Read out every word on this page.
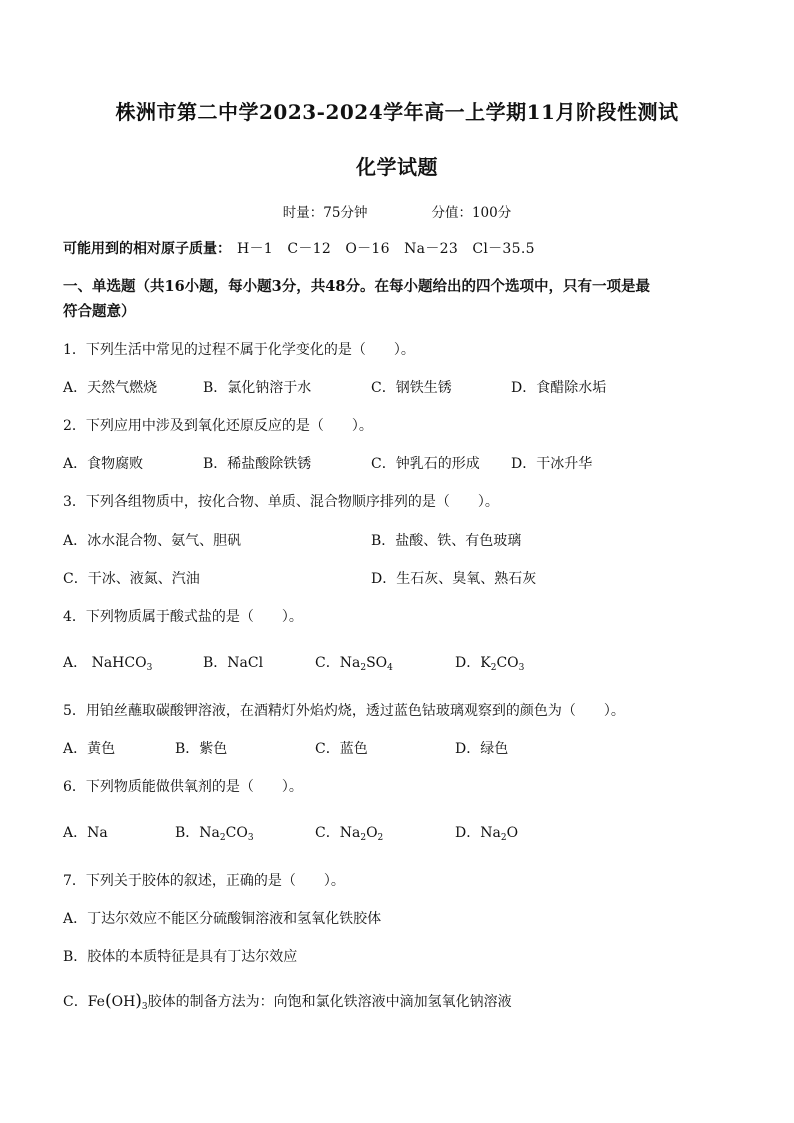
株洲市第二中学2023-2024学年高一上学期11月阶段性测试
化学试题
时量：75分钟	分值：100分
可能用到的相对原子质量： H－1　C－12　O－16　Na－23　Cl－35.5
一、单选题（共16小题，每小题3分，共48分。在每小题给出的四个选项中，只有一项是最
符合题意）
1．下列生活中常见的过程不属于化学变化的是（　　）。
A．天然气燃烧	B．氯化钠溶于水	C．钢铁生锈	D．食醋除水垢
2．下列应用中涉及到氧化还原反应的是（　　）。
A．食物腐败	B．稀盐酸除铁锈	C．钟乳石的形成 D．干冰升华
3．下列各组物质中，按化合物、单质、混合物顺序排列的是（　　）。
A．冰水混合物、氨气、胆矾	B．盐酸、铁、有色玻璃
C．干冰、液氮、汽油	D．生石灰、臭氧、熟石灰
4．下列物质属于酸式盐的是（　　）。
A． NaHCO$_3$	B．NaCl	C．$Na_2SO_4$	D．$K_2CO_3$
5．用铂丝蘸取碳酸钾溶液，在酒精灯外焰灼烧，透过蓝色钴玻璃观察到的颜色为（　　）。
A．黄色	B．紫色	C．蓝色	D．绿色
6．下列物质能做供氧剂的是（　　）。
A．Na	B．$Na_2CO_3$	C．$Na_2O_2$	D．$Na_2O$
7．下列关于胶体的叙述，正确的是（　　）。
A．丁达尔效应不能区分硫酸铜溶液和氢氧化铁胶体
B．胶体的本质特征是具有丁达尔效应
C．$Fe(OH)_3$胶体的制备方法为：向饱和氯化铁溶液中滴加氢氧化钠溶液
